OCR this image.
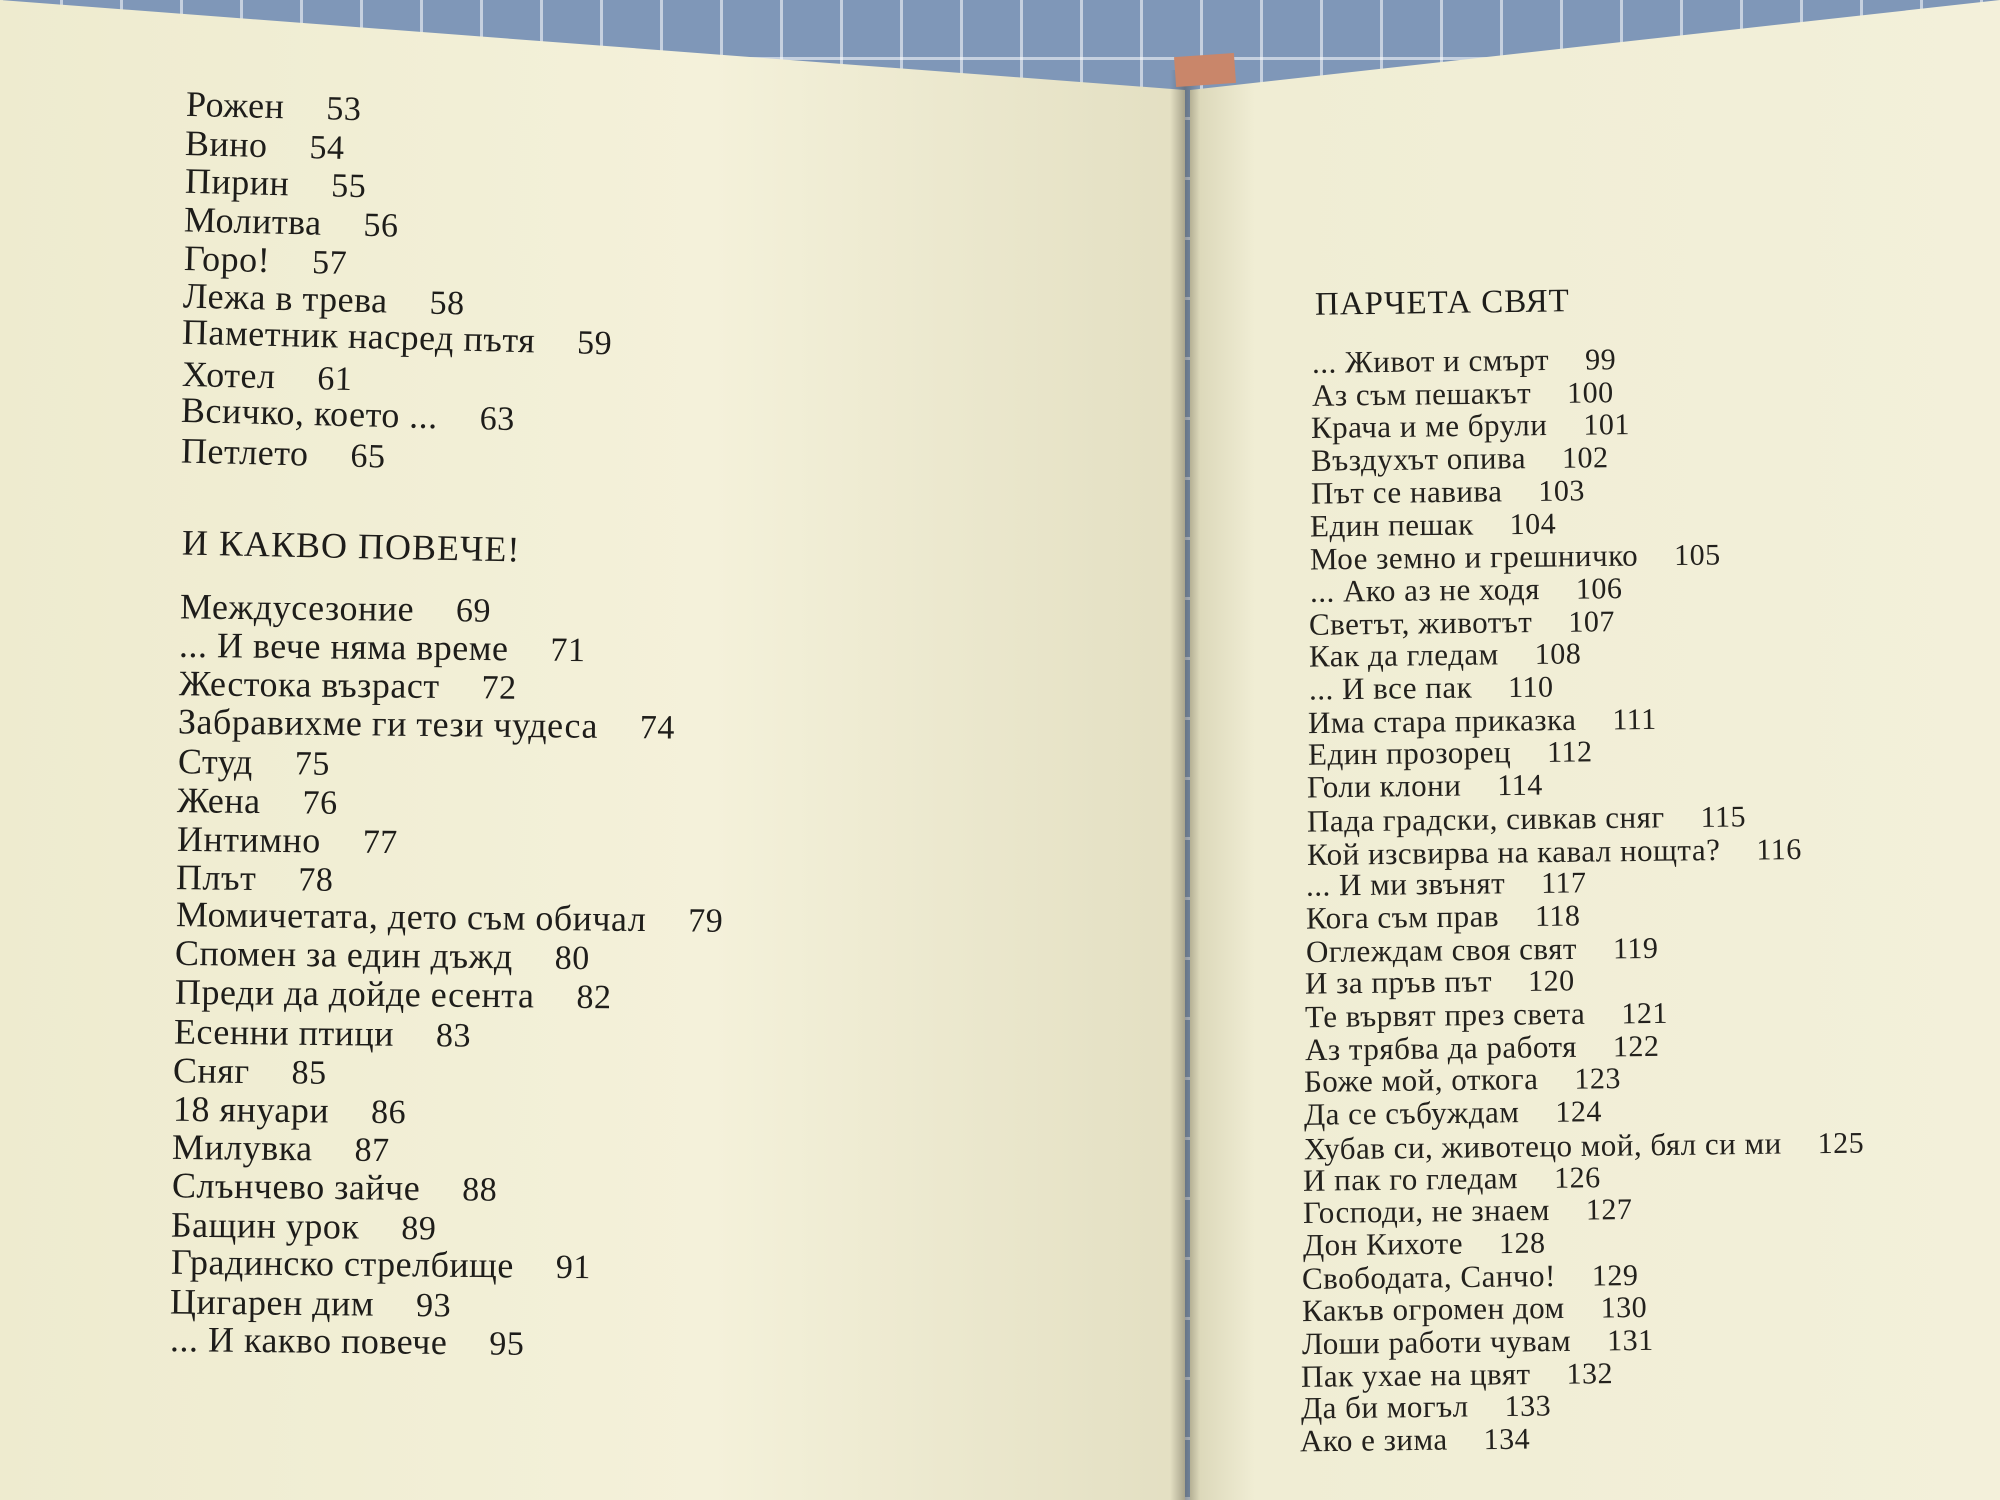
Рожен 53
Вино 54
Пирин 55
Молитва 56
Горо! 57
Лежа в трева 58
Паметник насред пътя 59
Хотел 61
Всичко, което ... 63
Петлето 65
Междусезоние 69
... И вече няма време 71
Жестока възраст 72
Забравихме ги тези чудеса 74
Студ 75
Жена 76
Интимно 77
Плът 78
Момичетата, дето съм обичал 79
Спомен за един дъжд 80
Преди да дойде есента 82
Есенни птици 83
Сняг 85
18 януари 86
Милувка 87
Слънчево зайче 88
Бащин урок 89
Градинско стрелбище 91
Цигарен дим 93
... И какво повече 95
И КАКВО ПОВЕЧЕ!
... Живот и смърт 99
Аз съм пешакът 100
Крача и ме брули 101
Въздухът опива 102
Път се навива 103
Един пешак 104
Мое земно и грешничко 105
... Ако аз не ходя 106
Светът, животът 107
Как да гледам 108
... И все пак 110
Има стара приказка 111
Един прозорец 112
Голи клони 114
Пада градски, сивкав сняг 115
Кой изсвирва на кавал нощта? 116
... И ми звънят 117
Кога съм прав 118
Оглеждам своя свят 119
И за пръв път 120
Те вървят през света 121
Аз трябва да работя 122
Боже мой, откога 123
Да се събуждам 124
Хубав си, животецо мой, бял си ми 125
И пак го гледам 126
Господи, не знаем 127
Дон Кихоте 128
Свободата, Санчо! 129
Какъв огромен дом 130
Лоши работи чувам 131
Пак ухае на цвят 132
Да би могъл 133
Ако е зима 134
ПАРЧЕТА СВЯТ
